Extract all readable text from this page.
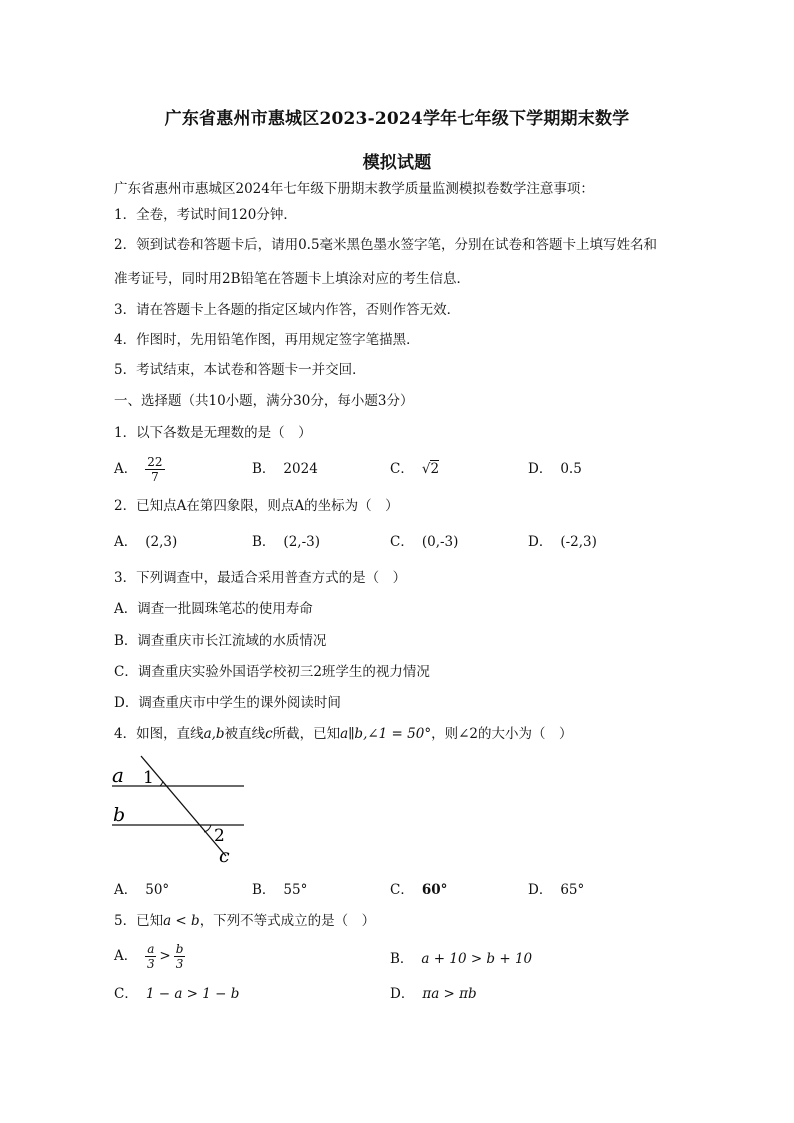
广东省惠州市惠城区2023-2024学年七年级下学期期末数学
模拟试题
广东省惠州市惠城区2024年七年级下册期末教学质量监测模拟卷数学注意事项：
1．全卷，考试时间120分钟．
2．领到试卷和答题卡后，请用0.5毫米黑色墨水签字笔，分别在试卷和答题卡上填写姓名和
准考证号，同时用2B铅笔在答题卡上填涂对应的考生信息．
3．请在答题卡上各题的指定区域内作答，否则作答无效．
4．作图时，先用铅笔作图，再用规定签字笔描黑．
5．考试结束，本试卷和答题卡一并交回．
一、选择题（共10小题，满分30分，每小题3分）
1．以下各数是无理数的是（　）
A． $\frac{22}{7}$	B． 2024	C． √2	D． 0.5
2．已知点A在第四象限，则点A的坐标为（　）
A． (2,3)	B． (2,-3)	C． (0,-3)	D． (-2,3)
3．下列调查中，最适合采用普查方式的是（　）
A．调查一批圆珠笔芯的使用寿命
B．调查重庆市长江流域的水质情况
C．调查重庆实验外国语学校初三2班学生的视力情况
D．调查重庆市中学生的课外阅读时间
4．如图，直线a,b被直线c所截，已知a∥b,∠1 = 50°，则∠2的大小为（　）
a
b
c
1
2
A． 50°	B． 55°	C． 60°	D． 65°
5．已知a < b，下列不等式成立的是（　）
A． $\frac{a}{3} > \frac{b}{3}$	B． a + 10 > b + 10
C． 1 − a > 1 − b	D． πa > πb
